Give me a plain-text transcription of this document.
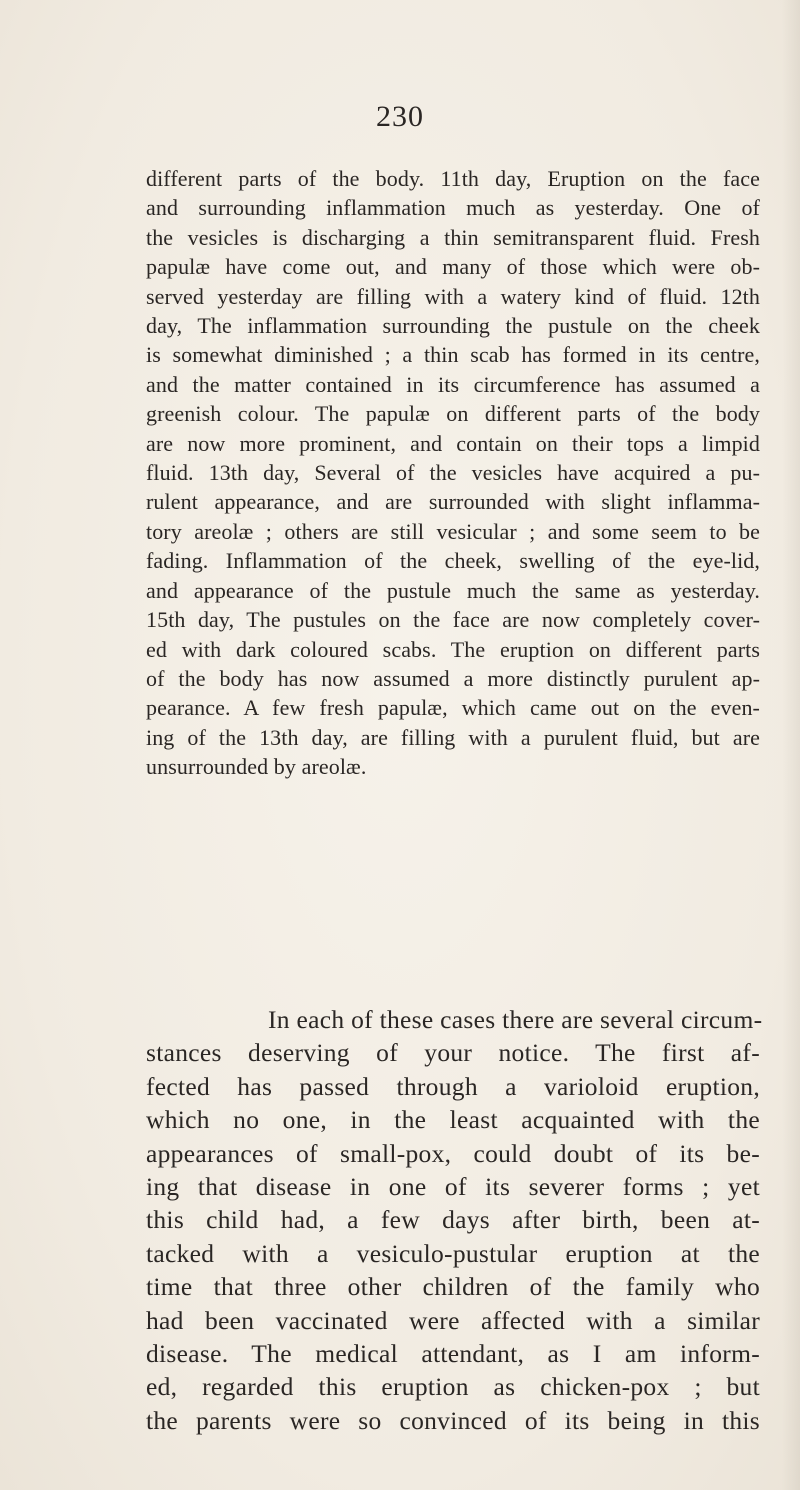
230
different parts of the body. 11th day, Eruption on the face
and surrounding inflammation much as yesterday. One of
the vesicles is discharging a thin semitransparent fluid. Fresh
papulæ have come out, and many of those which were ob-
served yesterday are filling with a watery kind of fluid. 12th
day, The inflammation surrounding the pustule on the cheek
is somewhat diminished ; a thin scab has formed in its centre,
and the matter contained in its circumference has assumed a
greenish colour. The papulæ on different parts of the body
are now more prominent, and contain on their tops a limpid
fluid. 13th day, Several of the vesicles have acquired a pu-
rulent appearance, and are surrounded with slight inflamma-
tory areolæ ; others are still vesicular ; and some seem to be
fading. Inflammation of the cheek, swelling of the eye-lid,
and appearance of the pustule much the same as yesterday.
15th day, The pustules on the face are now completely cover-
ed with dark coloured scabs. The eruption on different parts
of the body has now assumed a more distinctly purulent ap-
pearance. A few fresh papulæ, which came out on the even-
ing of the 13th day, are filling with a purulent fluid, but are
unsurrounded by areolæ.
In each of these cases there are several circum-
stances deserving of your notice. The first af-
fected has passed through a varioloid eruption,
which no one, in the least acquainted with the
appearances of small-pox, could doubt of its be-
ing that disease in one of its severer forms ; yet
this child had, a few days after birth, been at-
tacked with a vesiculo-pustular eruption at the
time that three other children of the family who
had been vaccinated were affected with a similar
disease. The medical attendant, as I am inform-
ed, regarded this eruption as chicken-pox ; but
the parents were so convinced of its being in this
